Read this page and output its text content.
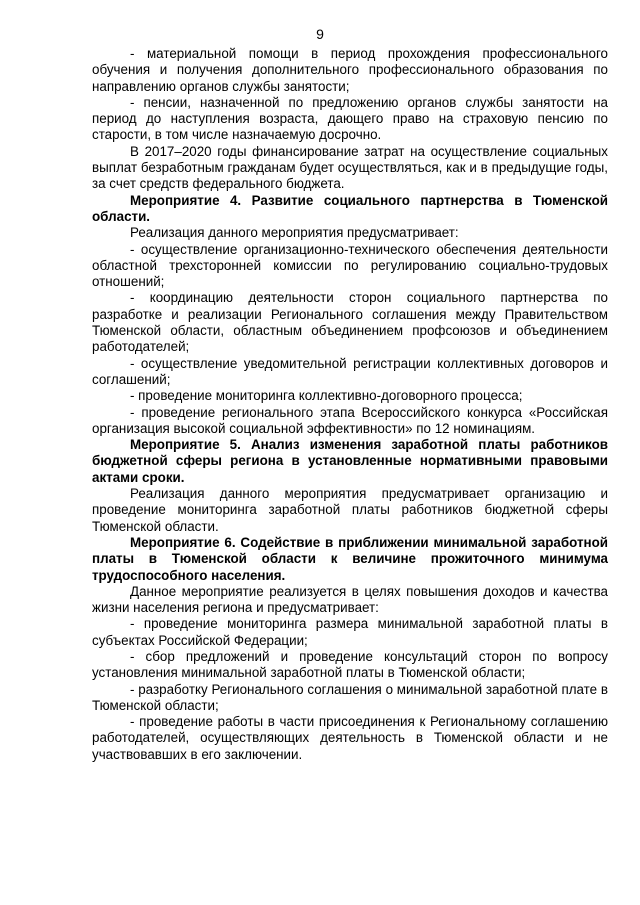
9

- материальной помощи в период прохождения профессионального обучения и получения дополнительного профессионального образования по направлению органов службы занятости;

- пенсии, назначенной по предложению органов службы занятости на период до наступления возраста, дающего право на страховую пенсию по старости, в том числе назначаемую досрочно.

В 2017–2020 годы финансирование затрат на осуществление социальных выплат безработным гражданам будет осуществляться, как и в предыдущие годы, за счет средств федерального бюджета.

Мероприятие 4. Развитие социального партнерства в Тюменской области.

Реализация данного мероприятия предусматривает:

- осуществление организационно-технического обеспечения деятельности областной трехсторонней комиссии по регулированию социально-трудовых отношений;

- координацию деятельности сторон социального партнерства по разработке и реализации Регионального соглашения между Правительством Тюменской области, областным объединением профсоюзов и объединением работодателей;

- осуществление уведомительной регистрации коллективных договоров и соглашений;

- проведение мониторинга коллективно-договорного процесса;

- проведение регионального этапа Всероссийского конкурса «Российская организация высокой социальной эффективности» по 12 номинациям.

Мероприятие 5. Анализ изменения заработной платы работников бюджетной сферы региона в установленные нормативными правовыми актами сроки.

Реализация данного мероприятия предусматривает организацию и проведение мониторинга заработной платы работников бюджетной сферы Тюменской области.

Мероприятие 6. Содействие в приближении минимальной заработной платы в Тюменской области к величине прожиточного минимума трудоспособного населения.

Данное мероприятие реализуется в целях повышения доходов и качества жизни населения региона и предусматривает:

- проведение мониторинга размера минимальной заработной платы в субъектах Российской Федерации;

- сбор предложений и проведение консультаций сторон по вопросу установления минимальной заработной платы в Тюменской области;

- разработку Регионального соглашения о минимальной заработной плате в Тюменской области;

- проведение работы в части присоединения к Региональному соглашению работодателей, осуществляющих деятельность в Тюменской области и не участвовавших в его заключении.
